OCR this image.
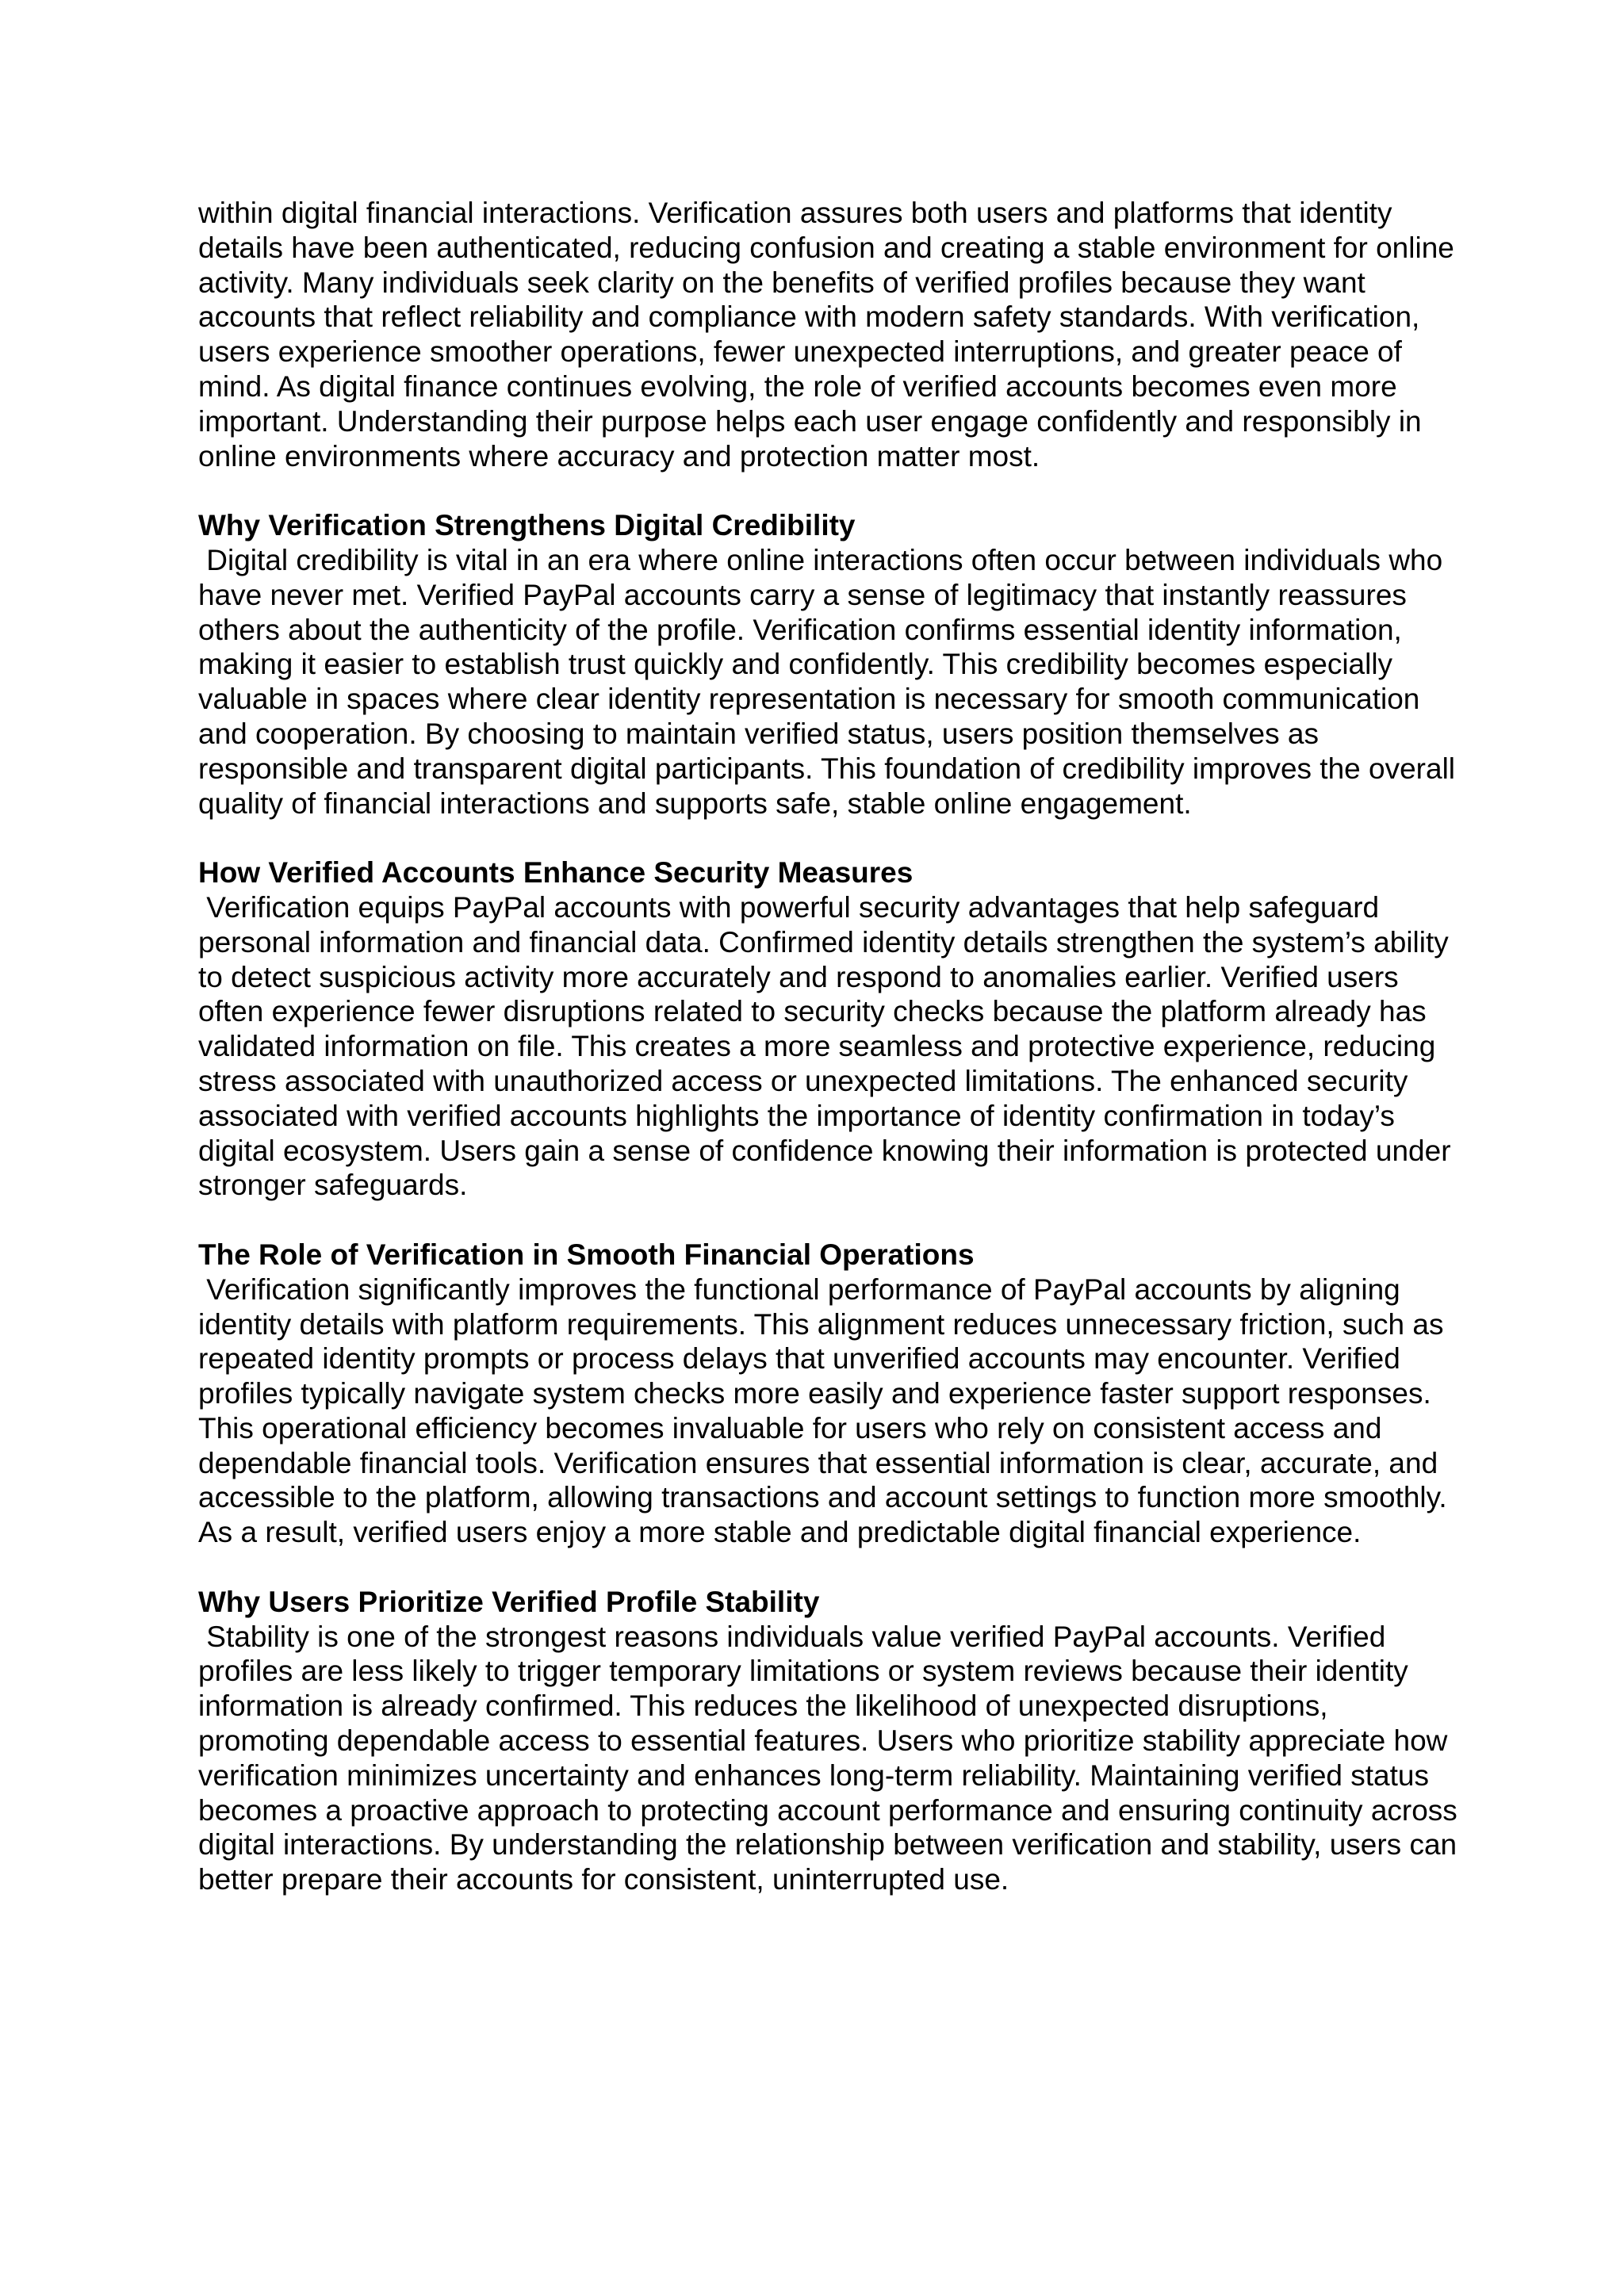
within digital financial interactions. Verification assures both users and platforms that identity details have been authenticated, reducing confusion and creating a stable environment for online activity. Many individuals seek clarity on the benefits of verified profiles because they want accounts that reflect reliability and compliance with modern safety standards. With verification, users experience smoother operations, fewer unexpected interruptions, and greater peace of mind. As digital finance continues evolving, the role of verified accounts becomes even more important. Understanding their purpose helps each user engage confidently and responsibly in online environments where accuracy and protection matter most.

Why Verification Strengthens Digital Credibility

Digital credibility is vital in an era where online interactions often occur between individuals who have never met. Verified PayPal accounts carry a sense of legitimacy that instantly reassures others about the authenticity of the profile. Verification confirms essential identity information, making it easier to establish trust quickly and confidently. This credibility becomes especially valuable in spaces where clear identity representation is necessary for smooth communication and cooperation. By choosing to maintain verified status, users position themselves as responsible and transparent digital participants. This foundation of credibility improves the overall quality of financial interactions and supports safe, stable online engagement.

How Verified Accounts Enhance Security Measures

Verification equips PayPal accounts with powerful security advantages that help safeguard personal information and financial data. Confirmed identity details strengthen the system’s ability to detect suspicious activity more accurately and respond to anomalies earlier. Verified users often experience fewer disruptions related to security checks because the platform already has validated information on file. This creates a more seamless and protective experience, reducing stress associated with unauthorized access or unexpected limitations. The enhanced security associated with verified accounts highlights the importance of identity confirmation in today’s digital ecosystem. Users gain a sense of confidence knowing their information is protected under stronger safeguards.

The Role of Verification in Smooth Financial Operations

Verification significantly improves the functional performance of PayPal accounts by aligning identity details with platform requirements. This alignment reduces unnecessary friction, such as repeated identity prompts or process delays that unverified accounts may encounter. Verified profiles typically navigate system checks more easily and experience faster support responses. This operational efficiency becomes invaluable for users who rely on consistent access and dependable financial tools. Verification ensures that essential information is clear, accurate, and accessible to the platform, allowing transactions and account settings to function more smoothly. As a result, verified users enjoy a more stable and predictable digital financial experience.

Why Users Prioritize Verified Profile Stability

Stability is one of the strongest reasons individuals value verified PayPal accounts. Verified profiles are less likely to trigger temporary limitations or system reviews because their identity information is already confirmed. This reduces the likelihood of unexpected disruptions, promoting dependable access to essential features. Users who prioritize stability appreciate how verification minimizes uncertainty and enhances long-term reliability. Maintaining verified status becomes a proactive approach to protecting account performance and ensuring continuity across digital interactions. By understanding the relationship between verification and stability, users can better prepare their accounts for consistent, uninterrupted use.
